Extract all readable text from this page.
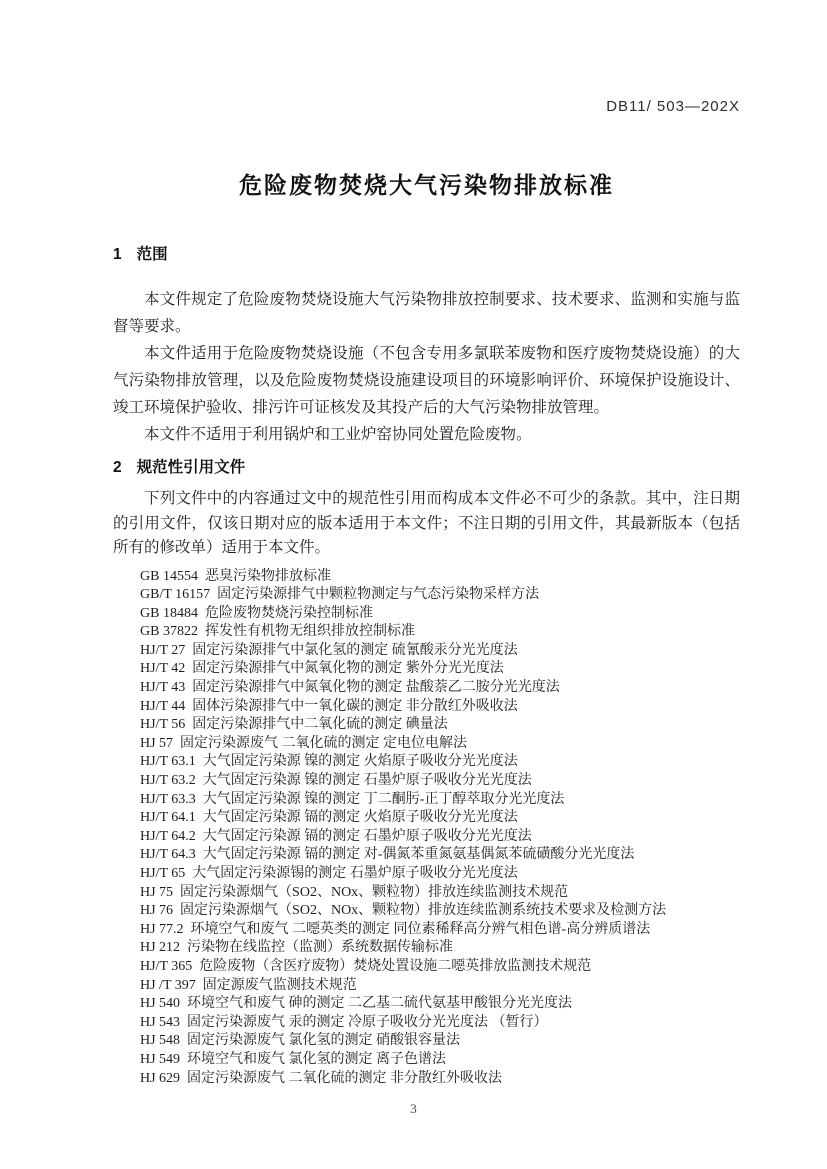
DB11/ 503—202X
危险废物焚烧大气污染物排放标准
1 范围

本文件规定了危险废物焚烧设施大气污染物排放控制要求、技术要求、监测和实施与监督等要求。

本文件适用于危险废物焚烧设施（不包含专用多氯联苯废物和医疗废物焚烧设施）的大气污染物排放管理，以及危险废物焚烧设施建设项目的环境影响评价、环境保护设施设计、竣工环境保护验收、排污许可证核发及其投产后的大气污染物排放管理。

本文件不适用于利用锅炉和工业炉窑协同处置危险废物。

2 规范性引用文件

下列文件中的内容通过文中的规范性引用而构成本文件必不可少的条款。其中，注日期的引用文件，仅该日期对应的版本适用于本文件；不注日期的引用文件，其最新版本（包括所有的修改单）适用于本文件。

GB 14554  恶臭污染物排放标准
GB/T 16157  固定污染源排气中颗粒物测定与气态污染物采样方法
GB 18484  危险废物焚烧污染控制标准
GB 37822  挥发性有机物无组织排放控制标准
HJ/T 27  固定污染源排气中氯化氢的测定 硫氰酸汞分光光度法
HJ/T 42  固定污染源排气中氮氧化物的测定 紫外分光光度法
HJ/T 43  固定污染源排气中氮氧化物的测定 盐酸萘乙二胺分光光度法
HJ/T 44  固体污染源排气中一氧化碳的测定 非分散红外吸收法
HJ/T 56  固定污染源排气中二氧化硫的测定 碘量法
HJ 57  固定污染源废气 二氧化硫的测定 定电位电解法
HJ/T 63.1  大气固定污染源 镍的测定 火焰原子吸收分光光度法
HJ/T 63.2  大气固定污染源 镍的测定 石墨炉原子吸收分光光度法
HJ/T 63.3  大气固定污染源 镍的测定 丁二酮肟-正丁醇萃取分光光度法
HJ/T 64.1  大气固定污染源 镉的测定 火焰原子吸收分光光度法
HJ/T 64.2  大气固定污染源 镉的测定 石墨炉原子吸收分光光度法
HJ/T 64.3  大气固定污染源 镉的测定 对-偶氮苯重氮氨基偶氮苯硫磺酸分光光度法
HJ/T 65  大气固定污染源锡的测定 石墨炉原子吸收分光光度法
HJ 75  固定污染源烟气（SO2、NOx、颗粒物）排放连续监测技术规范
HJ 76  固定污染源烟气（SO2、NOx、颗粒物）排放连续监测系统技术要求及检测方法
HJ 77.2  环境空气和废气 二噁英类的测定 同位素稀释高分辨气相色谱-高分辨质谱法
HJ 212  污染物在线监控（监测）系统数据传输标准
HJ/T 365  危险废物（含医疗废物）焚烧处置设施二噁英排放监测技术规范
HJ /T 397  固定源废气监测技术规范
HJ 540  环境空气和废气 砷的测定 二乙基二硫代氨基甲酸银分光光度法
HJ 543  固定污染源废气 汞的测定 冷原子吸收分光光度法 （暂行）
HJ 548  固定污染源废气 氯化氢的测定 硝酸银容量法
HJ 549  环境空气和废气 氯化氢的测定 离子色谱法
HJ 629  固定污染源废气 二氧化硫的测定 非分散红外吸收法
3
